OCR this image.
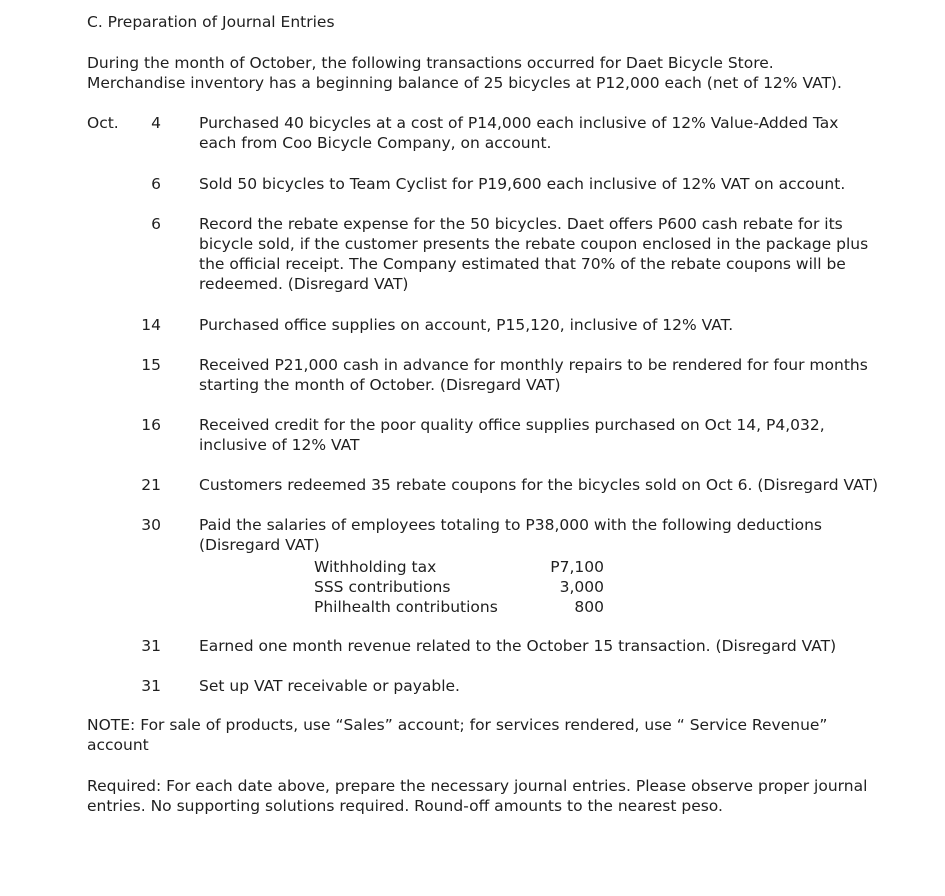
C. Preparation of Journal Entries
During the month of October, the following transactions occurred for Daet Bicycle Store.
Merchandise inventory has a beginning balance of 25 bicycles at P12,000 each (net of 12% VAT).
Oct.	4 Purchased 40 bicycles at a cost of P14,000 each inclusive of 12% Value-Added Tax
each from Coo Bicycle Company, on account.
6 Sold 50 bicycles to Team Cyclist for P19,600 each inclusive of 12% VAT on account.
6 Record the rebate expense for the 50 bicycles. Daet offers P600 cash rebate for its
bicycle sold, if the customer presents the rebate coupon enclosed in the package plus
the official receipt. The Company estimated that 70% of the rebate coupons will be
redeemed. (Disregard VAT)
14 Purchased office supplies on account, P15,120, inclusive of 12% VAT.
15 Received P21,000 cash in advance for monthly repairs to be rendered for four months
starting the month of October. (Disregard VAT)
16 Received credit for the poor quality office supplies purchased on Oct 14, P4,032,
inclusive of 12% VAT
21 Customers redeemed 35 rebate coupons for the bicycles sold on Oct 6. (Disregard VAT)
30 Paid the salaries of employees totaling to P38,000 with the following deductions
(Disregard VAT)
Withholding tax	P7,100
SSS contributions	3,000
Philhealth contributions	800
31 Earned one month revenue related to the October 15 transaction. (Disregard VAT)
31 Set up VAT receivable or payable.
NOTE: For sale of products, use “Sales” account; for services rendered, use “ Service Revenue”
account
Required: For each date above, prepare the necessary journal entries. Please observe proper journal
entries. No supporting solutions required. Round-off amounts to the nearest peso.
